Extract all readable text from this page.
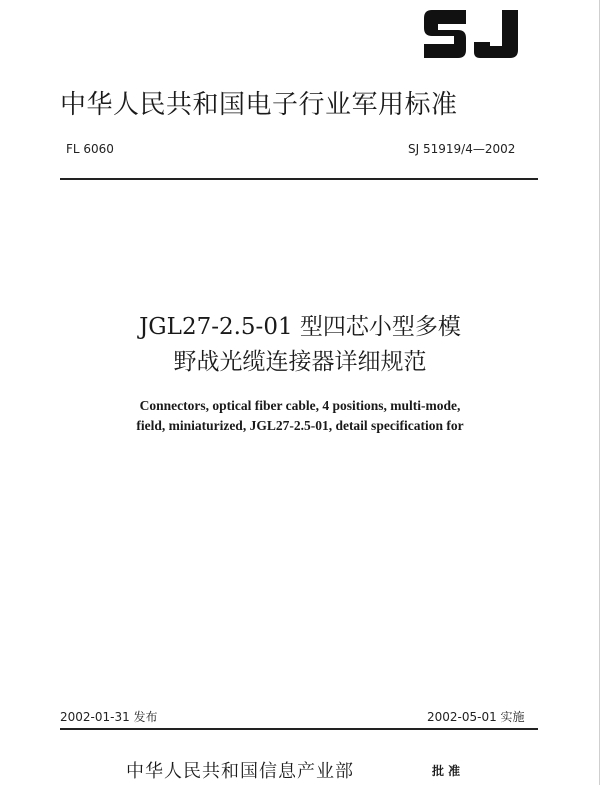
中华人民共和国电子行业军用标准
FL 6060	SJ 51919/4—2002
JGL27-2.5-01 型四芯小型多模
野战光缆连接器详细规范
Connectors, optical fiber cable, 4 positions, multi-mode,
field, miniaturized, JGL27-2.5-01, detail specification for
2002-01-31 发布	2002-05-01 实施
中华人民共和国信息产业部	批 准
